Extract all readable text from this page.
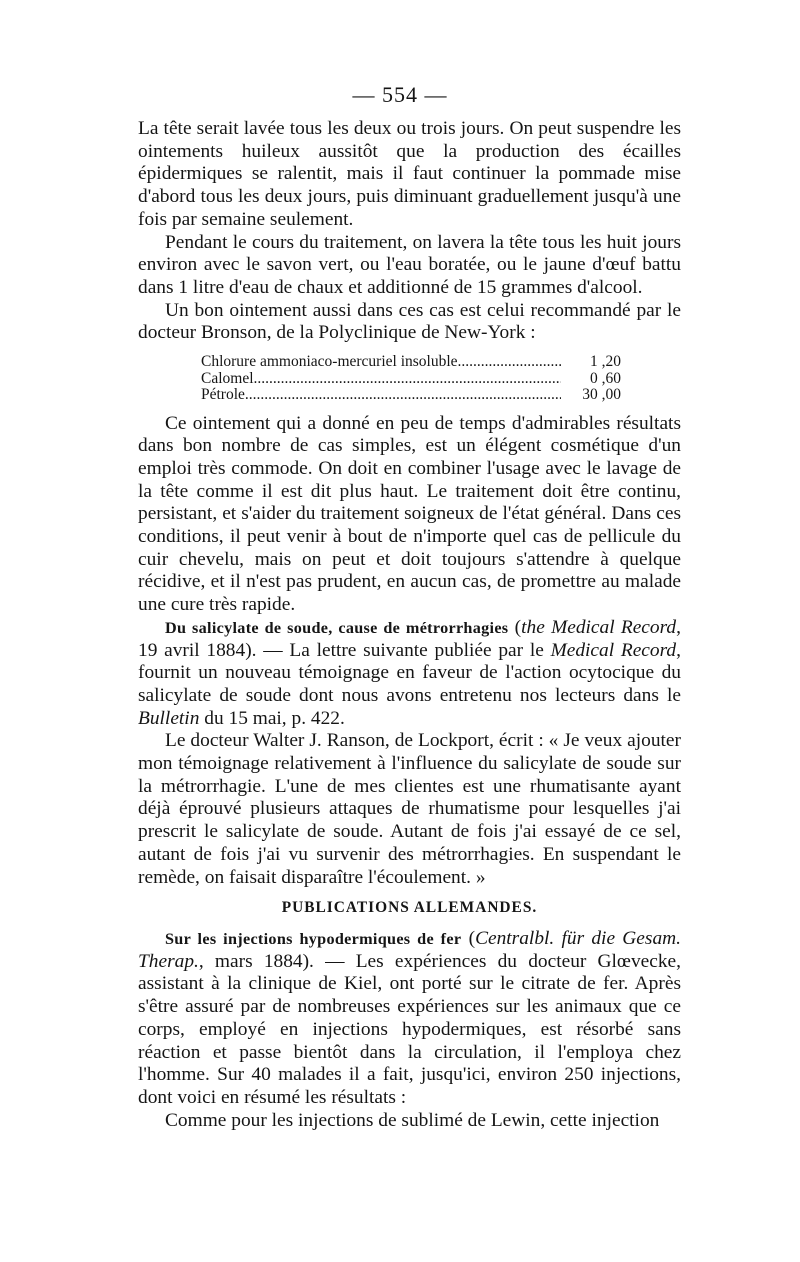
— 554 —

La tête serait lavée tous les deux ou trois jours. On peut suspendre les ointements huileux aussitôt que la production des écailles épidermiques se ralentit, mais il faut continuer la pommade mise d'abord tous les deux jours, puis diminuant graduellement jusqu'à une fois par semaine seulement.

Pendant le cours du traitement, on lavera la tête tous les huit jours environ avec le savon vert, ou l'eau boratée, ou le jaune d'œuf battu dans 1 litre d'eau de chaux et additionné de 15 grammes d'alcool.

Un bon ointement aussi dans ces cas est celui recommandé par le docteur Bronson, de la Polyclinique de New-York :

Chlorure ammoniaco-mercuriel insoluble .....	1 ,20
Calomel .....	0 ,60
Pétrole .....	30 ,00

Ce ointement qui a donné en peu de temps d'admirables résultats dans bon nombre de cas simples, est un élégent cosmétique d'un emploi très commode. On doit en combiner l'usage avec le lavage de la tête comme il est dit plus haut. Le traitement doit être continu, persistant, et s'aider du traitement soigneux de l'état général. Dans ces conditions, il peut venir à bout de n'importe quel cas de pellicule du cuir chevelu, mais on peut et doit toujours s'attendre à quelque récidive, et il n'est pas prudent, en aucun cas, de promettre au malade une cure très rapide.

Du salicylate de soude, cause de métrorrhagies (the Medical Record, 19 avril 1884). — La lettre suivante publiée par le Medical Record, fournit un nouveau témoignage en faveur de l'action ocytocique du salicylate de soude dont nous avons entretenu nos lecteurs dans le Bulletin du 15 mai, p. 422.

Le docteur Walter J. Ranson, de Lockport, écrit : « Je veux ajouter mon témoignage relativement à l'influence du salicylate de soude sur la métrorrhagie. L'une de mes clientes est une rhumatisante ayant déjà éprouvé plusieurs attaques de rhumatisme pour lesquelles j'ai prescrit le salicylate de soude. Autant de fois j'ai essayé de ce sel, autant de fois j'ai vu survenir des métrorrhagies. En suspendant le remède, on faisait disparaître l'écoulement. »

PUBLICATIONS ALLEMANDES.

Sur les injections hypodermiques de fer (Centralbl. für die Gesam. Therap., mars 1884). — Les expériences du docteur Glœvecke, assistant à la clinique de Kiel, ont porté sur le citrate de fer. Après s'être assuré par de nombreuses expériences sur les animaux que ce corps, employé en injections hypodermiques, est résorbé sans réaction et passe bientôt dans la circulation, il l'employa chez l'homme. Sur 40 malades il a fait, jusqu'ici, environ 250 injections, dont voici en résumé les résultats :

Comme pour les injections de sublimé de Lewin, cette injection
